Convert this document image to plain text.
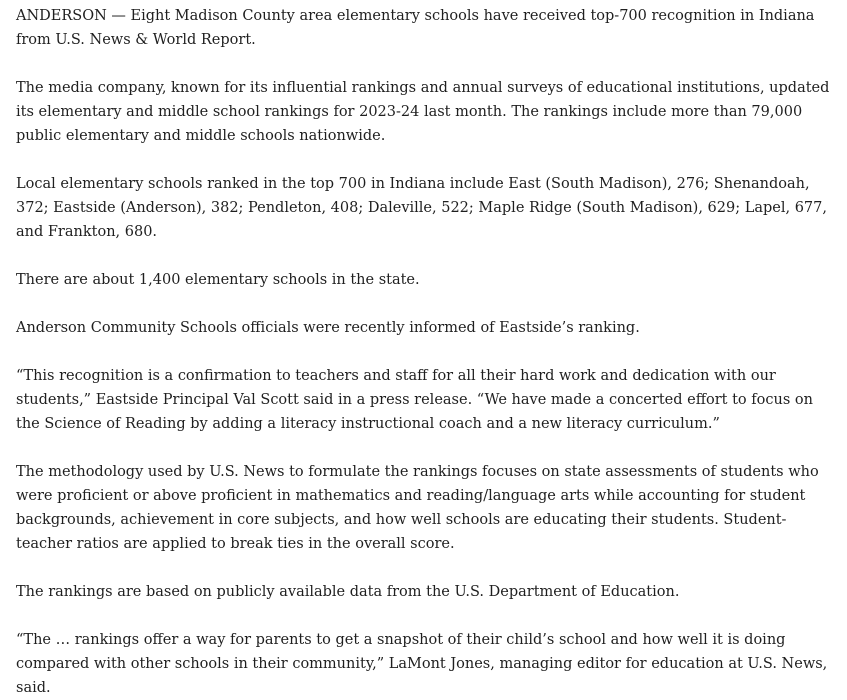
ANDERSON — Eight Madison County area elementary schools have received top-700 recognition in Indiana from U.S. News & World Report.

The media company, known for its influential rankings and annual surveys of educational institutions, updated its elementary and middle school rankings for 2023-24 last month. The rankings include more than 79,000 public elementary and middle schools nationwide.

Local elementary schools ranked in the top 700 in Indiana include East (South Madison), 276; Shenandoah, 372; Eastside (Anderson), 382; Pendleton, 408; Daleville, 522; Maple Ridge (South Madison), 629; Lapel, 677, and Frankton, 680.

There are about 1,400 elementary schools in the state.

Anderson Community Schools officials were recently informed of Eastside’s ranking.

“This recognition is a confirmation to teachers and staff for all their hard work and dedication with our students,” Eastside Principal Val Scott said in a press release. “We have made a concerted effort to focus on the Science of Reading by adding a literacy instructional coach and a new literacy curriculum.”

The methodology used by U.S. News to formulate the rankings focuses on state assessments of students who were proficient or above proficient in mathematics and reading/language arts while accounting for student backgrounds, achievement in core subjects, and how well schools are educating their students. Student-teacher ratios are applied to break ties in the overall score.

The rankings are based on publicly available data from the U.S. Department of Education.

“The … rankings offer a way for parents to get a snapshot of their child’s school and how well it is doing compared with other schools in their community,” LaMont Jones, managing editor for education at U.S. News, said.
